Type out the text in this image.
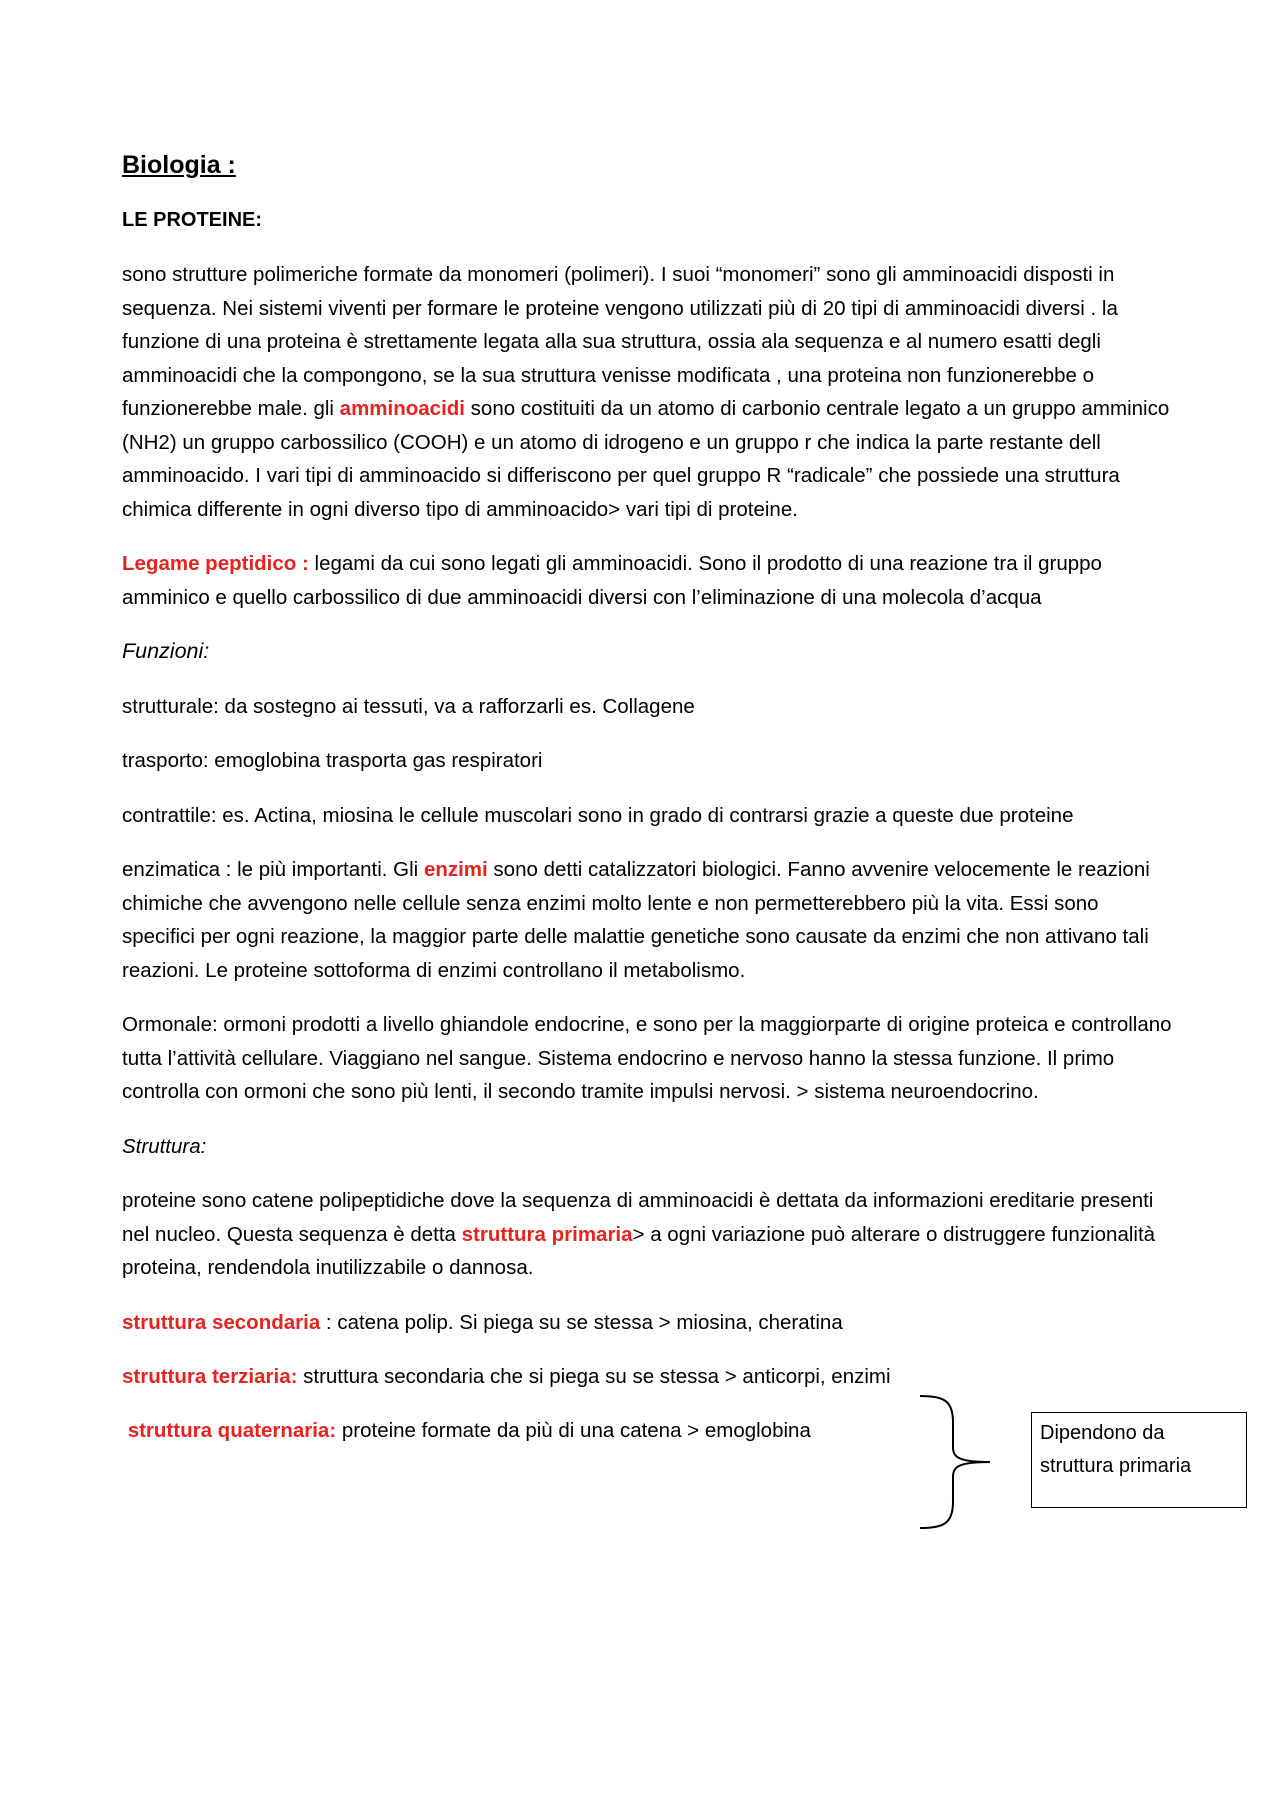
Biologia :
LE PROTEINE:

sono strutture polimeriche formate da monomeri (polimeri). I suoi “monomeri” sono gli amminoacidi disposti in sequenza. Nei sistemi viventi per formare le proteine vengono utilizzati più di 20 tipi di amminoacidi diversi . la funzione di una proteina è strettamente legata alla sua struttura, ossia ala sequenza e al numero esatti degli amminoacidi che la compongono, se la sua struttura venisse modificata , una proteina non funzionerebbe o funzionerebbe male. gli amminoacidi sono costituiti da un atomo di carbonio centrale legato a un gruppo amminico (NH2) un gruppo carbossilico (COOH) e un atomo di idrogeno e un gruppo r che indica la parte restante dell amminoacido. I vari tipi di amminoacido si differiscono per quel gruppo R “radicale” che possiede una struttura chimica differente in ogni diverso tipo di amminoacido> vari tipi di proteine.

Legame peptidico : legami da cui sono legati gli amminoacidi. Sono il prodotto di una reazione tra il gruppo amminico e quello carbossilico di due amminoacidi diversi con l’eliminazione di una molecola d’acqua

Funzioni:

strutturale: da sostegno ai tessuti, va a rafforzarli es. Collagene

trasporto: emoglobina trasporta gas respiratori

contrattile: es. Actina, miosina le cellule muscolari sono in grado di contrarsi grazie a queste due proteine

enzimatica : le più importanti. Gli enzimi sono detti catalizzatori biologici. Fanno avvenire velocemente le reazioni chimiche che avvengono nelle cellule senza enzimi molto lente e non permetterebbero più la vita. Essi sono specifici per ogni reazione, la maggior parte delle malattie genetiche sono causate da enzimi che non attivano tali reazioni. Le proteine sottoforma di enzimi controllano il metabolismo.

Ormonale: ormoni prodotti a livello ghiandole endocrine, e sono per la maggiorparte di origine proteica e controllano tutta l’attività cellulare. Viaggiano nel sangue. Sistema endocrino e nervoso hanno la stessa funzione. Il primo controlla con ormoni che sono più lenti, il secondo tramite impulsi nervosi. > sistema neuroendocrino.

Struttura:

proteine sono catene polipeptidiche dove la sequenza di amminoacidi è dettata da informazioni ereditarie presenti nel nucleo. Questa sequenza è detta struttura primaria> a ogni variazione può alterare o distruggere funzionalità proteina, rendendola inutilizzabile o dannosa.

struttura secondaria : catena polip. Si piega su se stessa > miosina, cheratina
struttura terziaria: struttura secondaria che si piega su se stessa > anticorpi, enzimi
struttura quaternaria: proteine formate da più di una catena > emoglobina	Dipendono da struttura primaria
